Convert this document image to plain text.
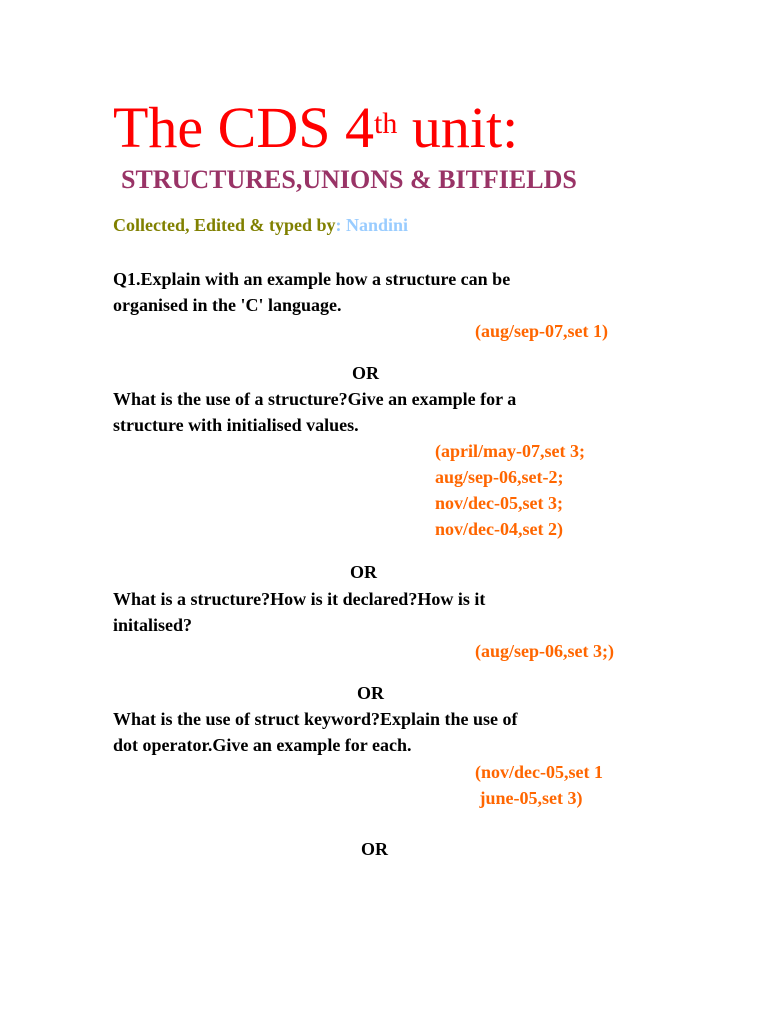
The CDS 4th unit:
STRUCTURES,UNIONS & BITFIELDS
Collected, Edited & typed by: Nandini
Q1.Explain with an example how a structure can be
organised in the 'C' language.
(aug/sep-07,set 1)
OR
What is the use of a structure?Give an example for a
structure with initialised values.
(april/may-07,set 3;
aug/sep-06,set-2;
nov/dec-05,set 3;
nov/dec-04,set 2)
OR
What is a structure?How is it declared?How is it
initalised?
(aug/sep-06,set 3;)
OR
What is the use of struct keyword?Explain the use of
dot operator.Give an example for each.
(nov/dec-05,set 1
june-05,set 3)
OR
